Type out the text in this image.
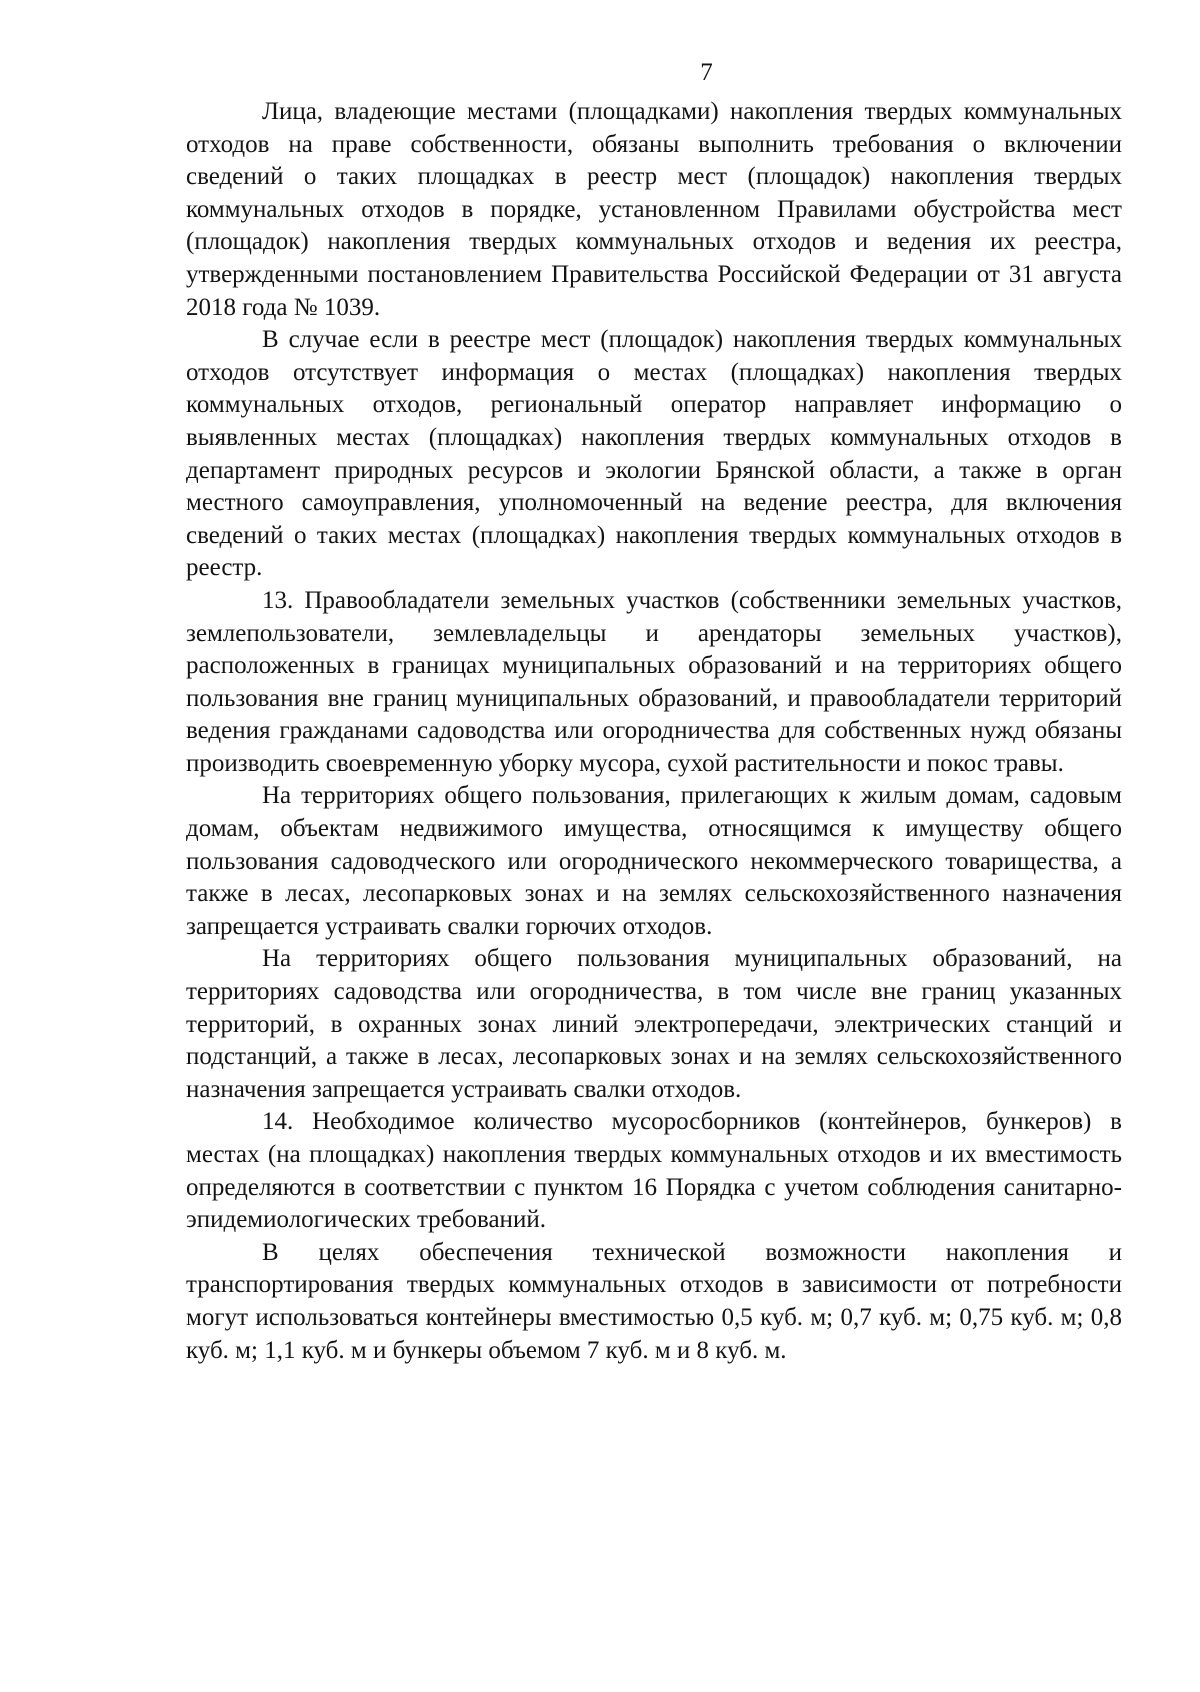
7

Лица, владеющие местами (площадками) накопления твердых коммунальных отходов на праве собственности, обязаны выполнить требования о включении сведений о таких площадках в реестр мест (площадок) накопления твердых коммунальных отходов в порядке, установленном Правилами обустройства мест (площадок) накопления твердых коммунальных отходов и ведения их реестра, утвержденными постановлением Правительства Российской Федерации от 31 августа 2018 года № 1039.

В случае если в реестре мест (площадок) накопления твердых коммунальных отходов отсутствует информация о местах (площадках) накопления твердых коммунальных отходов, региональный оператор направляет информацию о выявленных местах (площадках) накопления твердых коммунальных отходов в департамент природных ресурсов и экологии Брянской области, а также в орган местного самоуправления, уполномоченный на ведение реестра, для включения сведений о таких местах (площадках) накопления твердых коммунальных отходов в реестр.

13. Правообладатели земельных участков (собственники земельных участков, землепользователи, землевладельцы и арендаторы земельных участков), расположенных в границах муниципальных образований и на территориях общего пользования вне границ муниципальных образований, и правообладатели территорий ведения гражданами садоводства или огородничества для собственных нужд обязаны производить своевременную уборку мусора, сухой растительности и покос травы.

На территориях общего пользования, прилегающих к жилым домам, садовым домам, объектам недвижимого имущества, относящимся к имуществу общего пользования садоводческого или огороднического некоммерческого товарищества, а также в лесах, лесопарковых зонах и на землях сельскохозяйственного назначения запрещается устраивать свалки горючих отходов.

На территориях общего пользования муниципальных образований, на территориях садоводства или огородничества, в том числе вне границ указанных территорий, в охранных зонах линий электропередачи, электрических станций и подстанций, а также в лесах, лесопарковых зонах и на землях сельскохозяйственного назначения запрещается устраивать свалки отходов.

14. Необходимое количество мусоросборников (контейнеров, бункеров) в местах (на площадках) накопления твердых коммунальных отходов и их вместимость определяются в соответствии с пунктом 16 Порядка с учетом соблюдения санитарно-эпидемиологических требований.

В целях обеспечения технической возможности накопления и транспортирования твердых коммунальных отходов в зависимости от потребности могут использоваться контейнеры вместимостью 0,5 куб. м; 0,7 куб. м; 0,75 куб. м; 0,8 куб. м; 1,1 куб. м и бункеры объемом 7 куб. м и 8 куб. м.
